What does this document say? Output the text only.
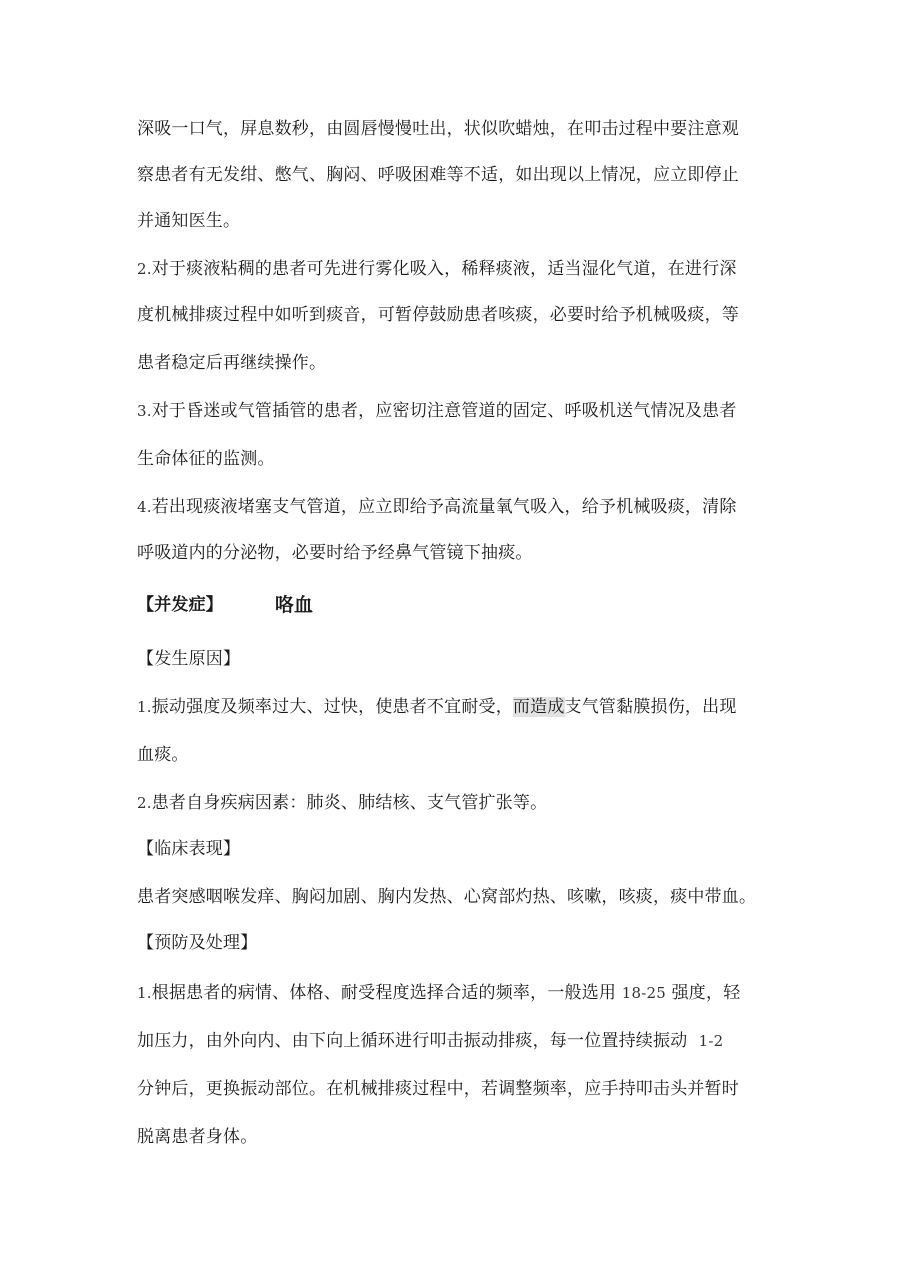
深吸一口气，屏息数秒，由圆唇慢慢吐出，状似吹蜡烛，在叩击过程中要注意观
察患者有无发绀、憋气、胸闷、呼吸困难等不适，如出现以上情况，应立即停止
并通知医生。
2.对于痰液粘稠的患者可先进行雾化吸入，稀释痰液，适当湿化气道，在进行深
度机械排痰过程中如听到痰音，可暂停鼓励患者咳痰，必要时给予机械吸痰，等
患者稳定后再继续操作。
3.对于昏迷或气管插管的患者，应密切注意管道的固定、呼吸机送气情况及患者
生命体征的监测。
4.若出现痰液堵塞支气管道，应立即给予高流量氧气吸入，给予机械吸痰，清除
呼吸道内的分泌物，必要时给予经鼻气管镜下抽痰。
【并发症】	咯血
【发生原因】
1.振动强度及频率过大、过快，使患者不宜耐受，而造成支气管黏膜损伤，出现
血痰。
2.患者自身疾病因素：肺炎、肺结核、支气管扩张等。
【临床表现】
患者突感咽喉发痒、胸闷加剧、胸内发热、心窝部灼热、咳嗽，咳痰，痰中带血。
【预防及处理】
1.根据患者的病情、体格、耐受程度选择合适的频率，一般选用 18-25 强度，轻
加压力，由外向内、由下向上循环进行叩击振动排痰，每一位置持续振动 1-2
分钟后，更换振动部位。在机械排痰过程中，若调整频率，应手持叩击头并暂时
脱离患者身体。
